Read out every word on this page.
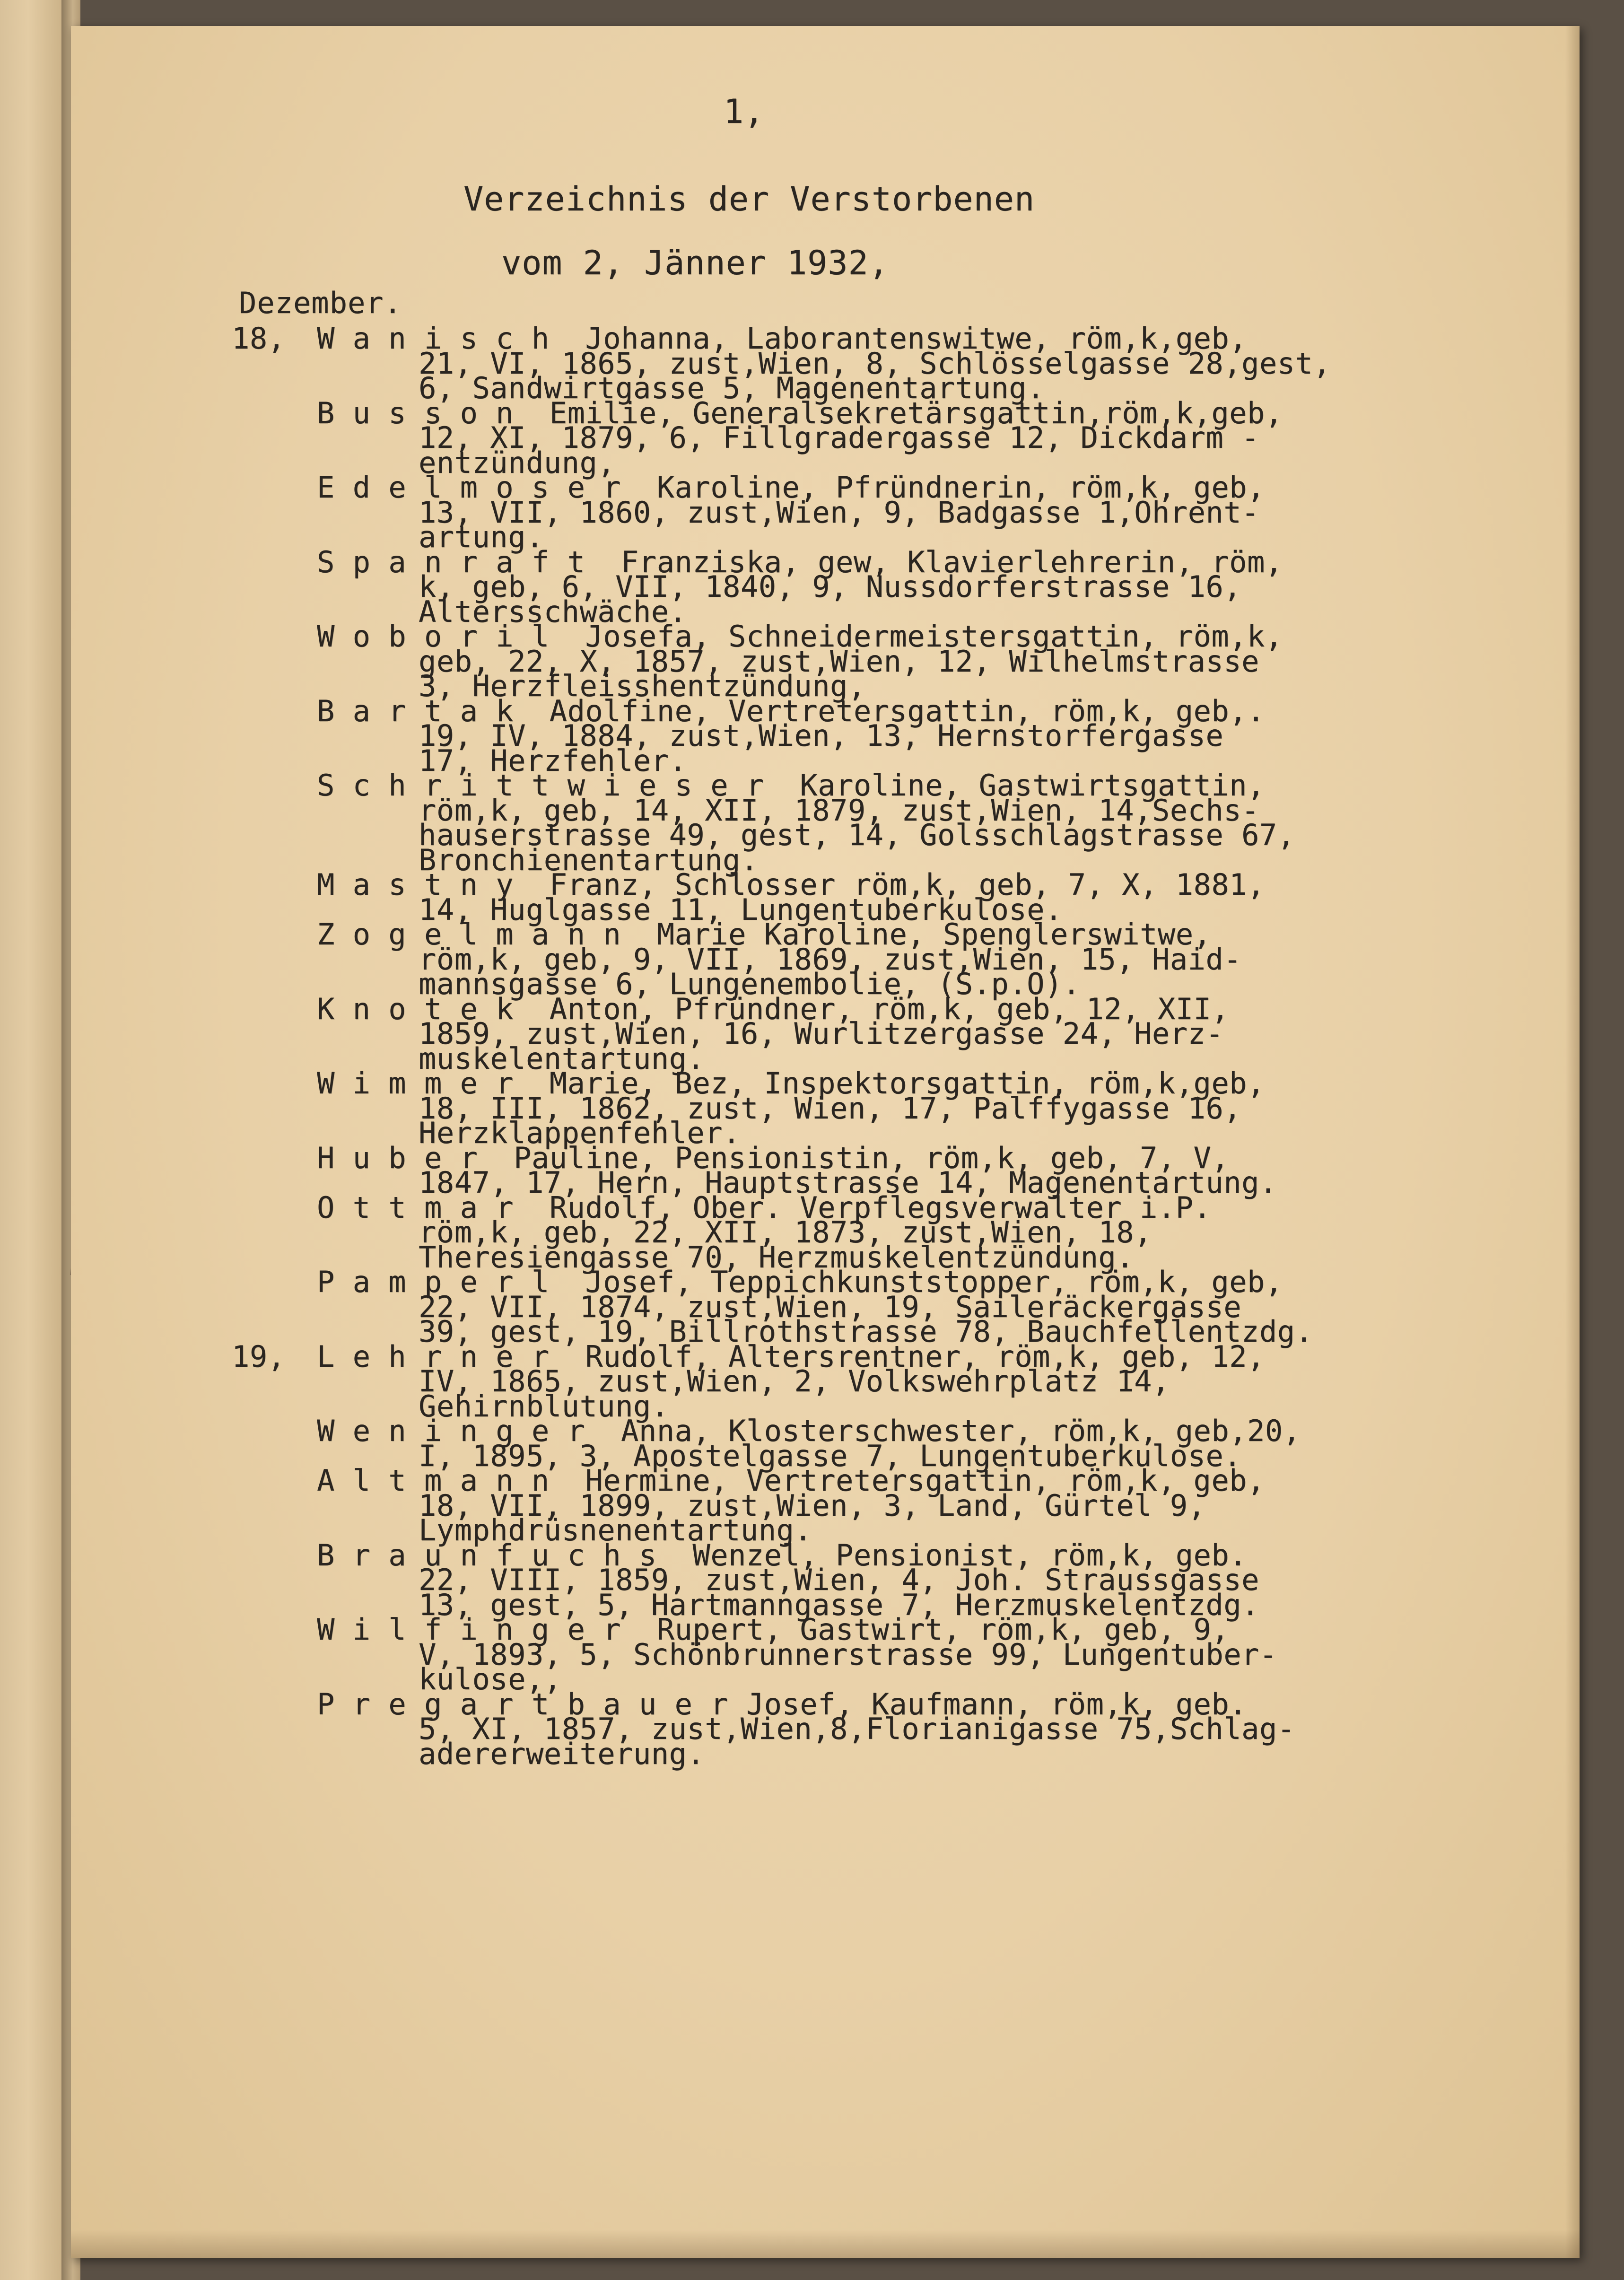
1,
Verzeichnis der Verstorbenen
vom 2, Jänner 1932,
Dezember.
18, W a n i s c h  Johanna, Laborantenswitwe, röm,k,geb,
21, VI, 1865, zust,Wien, 8, Schlösselgasse 28,gest,
6, Sandwirtgasse 5, Magenentartung.
B u s s o n  Emilie, Generalsekretärsgattin,röm,k,geb,
12, XI, 1879, 6, Fillgradergasse 12, Dickdarm -
entzündung,
E d e l m o s e r  Karoline, Pfründnerin, röm,k, geb,
13, VII, 1860, zust,Wien, 9, Badgasse 1,Ohrent-
artung.
S p a n r a f t  Franziska, gew, Klavierlehrerin, röm,
k, geb, 6, VII, 1840, 9, Nussdorferstrasse 16,
Altersschwäche.
W o b o r i l  Josefa, Schneidermeistersgattin, röm,k,
geb, 22, X, 1857, zust,Wien, 12, Wilhelmstrasse
3, Herzfleisshentzündung,
B a r t a k  Adolfine, Vertretersgattin, röm,k, geb,.
19, IV, 1884, zust,Wien, 13, Hernstorfergasse
17, Herzfehler.
S c h r i t t w i e s e r  Karoline, Gastwirtsgattin,
röm,k, geb, 14, XII, 1879, zust,Wien, 14,Sechs-
hauserstrasse 49, gest, 14, Golsschlagstrasse 67,
Bronchienentartung.
M a s t n y  Franz, Schlosser röm,k, geb, 7, X, 1881,
14, Huglgasse 11, Lungentuberkulose.
Z o g e l m a n n  Marie Karoline, Spenglerswitwe,
röm,k, geb, 9, VII, 1869, zust,Wien, 15, Haid-
mannsgasse 6, Lungenembolie, (S.p.O).
K n o t e k  Anton, Pfründner, röm,k, geb, 12, XII,
1859, zust,Wien, 16, Wurlitzergasse 24, Herz-
muskelentartung.
W i m m e r  Marie, Bez, Inspektorsgattin, röm,k,geb,
18, III, 1862, zust, Wien, 17, Palffygasse 16,
Herzklappenfehler.
H u b e r  Pauline, Pensionistin, röm,k, geb, 7, V,
1847, 17, Hern, Hauptstrasse 14, Magenentartung.
O t t m a r  Rudolf, Ober. Verpflegsverwalter i.P.
röm,k, geb, 22, XII, 1873, zust,Wien, 18,
Theresiengasse 70, Herzmuskelentzündung.
P a m p e r l  Josef, Teppichkunststopper, röm,k, geb,
22, VII, 1874, zust,Wien, 19, Saileräckergasse
39, gest, 19, Billrothstrasse 78, Bauchfellentzdg.
19, L e h r n e r  Rudolf, Altersrentner, röm,k, geb, 12,
IV, 1865, zust,Wien, 2, Volkswehrplatz 14,
Gehirnblutung.
W e n i n g e r  Anna, Klosterschwester, röm,k, geb,20,
I, 1895, 3, Apostelgasse 7, Lungentuberkulose.
A l t m a n n  Hermine, Vertretersgattin, röm,k, geb,
18, VII, 1899, zust,Wien, 3, Land, Gürtel 9,
Lymphdrüsnenentartung.
B r a u n f u c h s  Wenzel, Pensionist, röm,k, geb.
22, VIII, 1859, zust,Wien, 4, Joh. Straussgasse
13, gest, 5, Hartmanngasse 7, Herzmuskelentzdg.
W i l f i n g e r  Rupert, Gastwirt, röm,k, geb, 9,
V, 1893, 5, Schönbrunnerstrasse 99, Lungentuber-
kulose,,
P r e g a r t b a u e r Josef, Kaufmann, röm,k, geb.
5, XI, 1857, zust,Wien,8,Florianigasse 75,Schlag-
adererweiterung.
